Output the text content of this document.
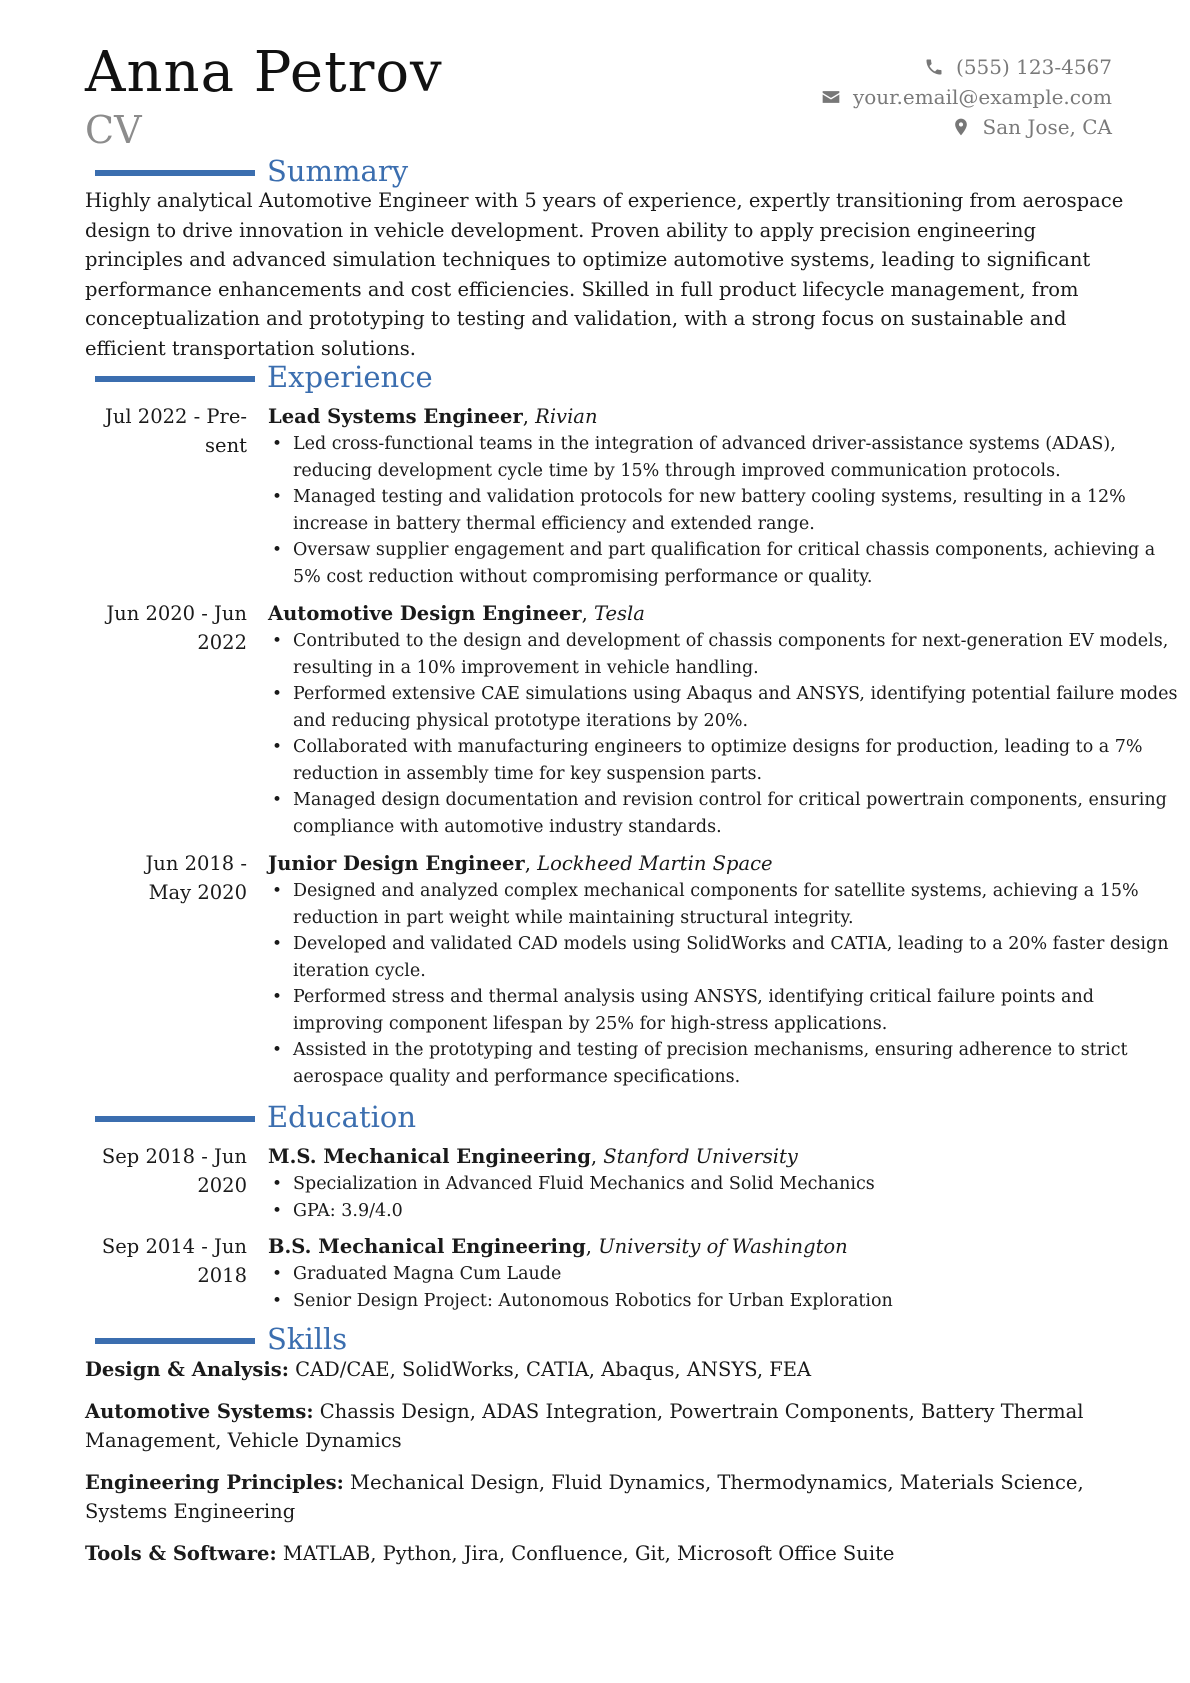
Anna Petrov
CV
(555) 123-4567
your.email@example.com
San Jose, CA
Summary
Highly analytical Automotive Engineer with 5 years of experience, expertly transitioning from aerospace design to drive innovation in vehicle development. Proven ability to apply precision engineering principles and advanced simulation techniques to optimize automotive systems, leading to significant performance enhancements and cost efficiencies. Skilled in full product lifecycle management, from conceptualization and prototyping to testing and validation, with a strong focus on sustainable and efficient transportation solutions.
Experience
Jul 2022 - Pre-
sent
Lead Systems Engineer, Rivian
• Led cross-functional teams in the integration of advanced driver-assistance systems (ADAS), reducing development cycle time by 15% through improved communication protocols.
• Managed testing and validation protocols for new battery cooling systems, resulting in a 12% increase in battery thermal efficiency and extended range.
• Oversaw supplier engagement and part qualification for critical chassis components, achieving a 5% cost reduction without compromising performance or quality.
Jun 2020 - Jun
2022
Automotive Design Engineer, Tesla
• Contributed to the design and development of chassis components for next-generation EV models, resulting in a 10% improvement in vehicle handling.
• Performed extensive CAE simulations using Abaqus and ANSYS, identifying potential failure modes and reducing physical prototype iterations by 20%.
• Collaborated with manufacturing engineers to optimize designs for production, leading to a 7% reduction in assembly time for key suspension parts.
• Managed design documentation and revision control for critical powertrain components, ensuring compliance with automotive industry standards.
Jun 2018 -
May 2020
Junior Design Engineer, Lockheed Martin Space
• Designed and analyzed complex mechanical components for satellite systems, achieving a 15% reduction in part weight while maintaining structural integrity.
• Developed and validated CAD models using SolidWorks and CATIA, leading to a 20% faster design iteration cycle.
• Performed stress and thermal analysis using ANSYS, identifying critical failure points and improving component lifespan by 25% for high-stress applications.
• Assisted in the prototyping and testing of precision mechanisms, ensuring adherence to strict aerospace quality and performance specifications.
Education
Sep 2018 - Jun
2020
M.S. Mechanical Engineering, Stanford University
• Specialization in Advanced Fluid Mechanics and Solid Mechanics
• GPA: 3.9/4.0
Sep 2014 - Jun
2018
B.S. Mechanical Engineering, University of Washington
• Graduated Magna Cum Laude
• Senior Design Project: Autonomous Robotics for Urban Exploration
Skills
Design & Analysis: CAD/CAE, SolidWorks, CATIA, Abaqus, ANSYS, FEA
Automotive Systems: Chassis Design, ADAS Integration, Powertrain Components, Battery Thermal Management, Vehicle Dynamics
Engineering Principles: Mechanical Design, Fluid Dynamics, Thermodynamics, Materials Science, Systems Engineering
Tools & Software: MATLAB, Python, Jira, Confluence, Git, Microsoft Office Suite
